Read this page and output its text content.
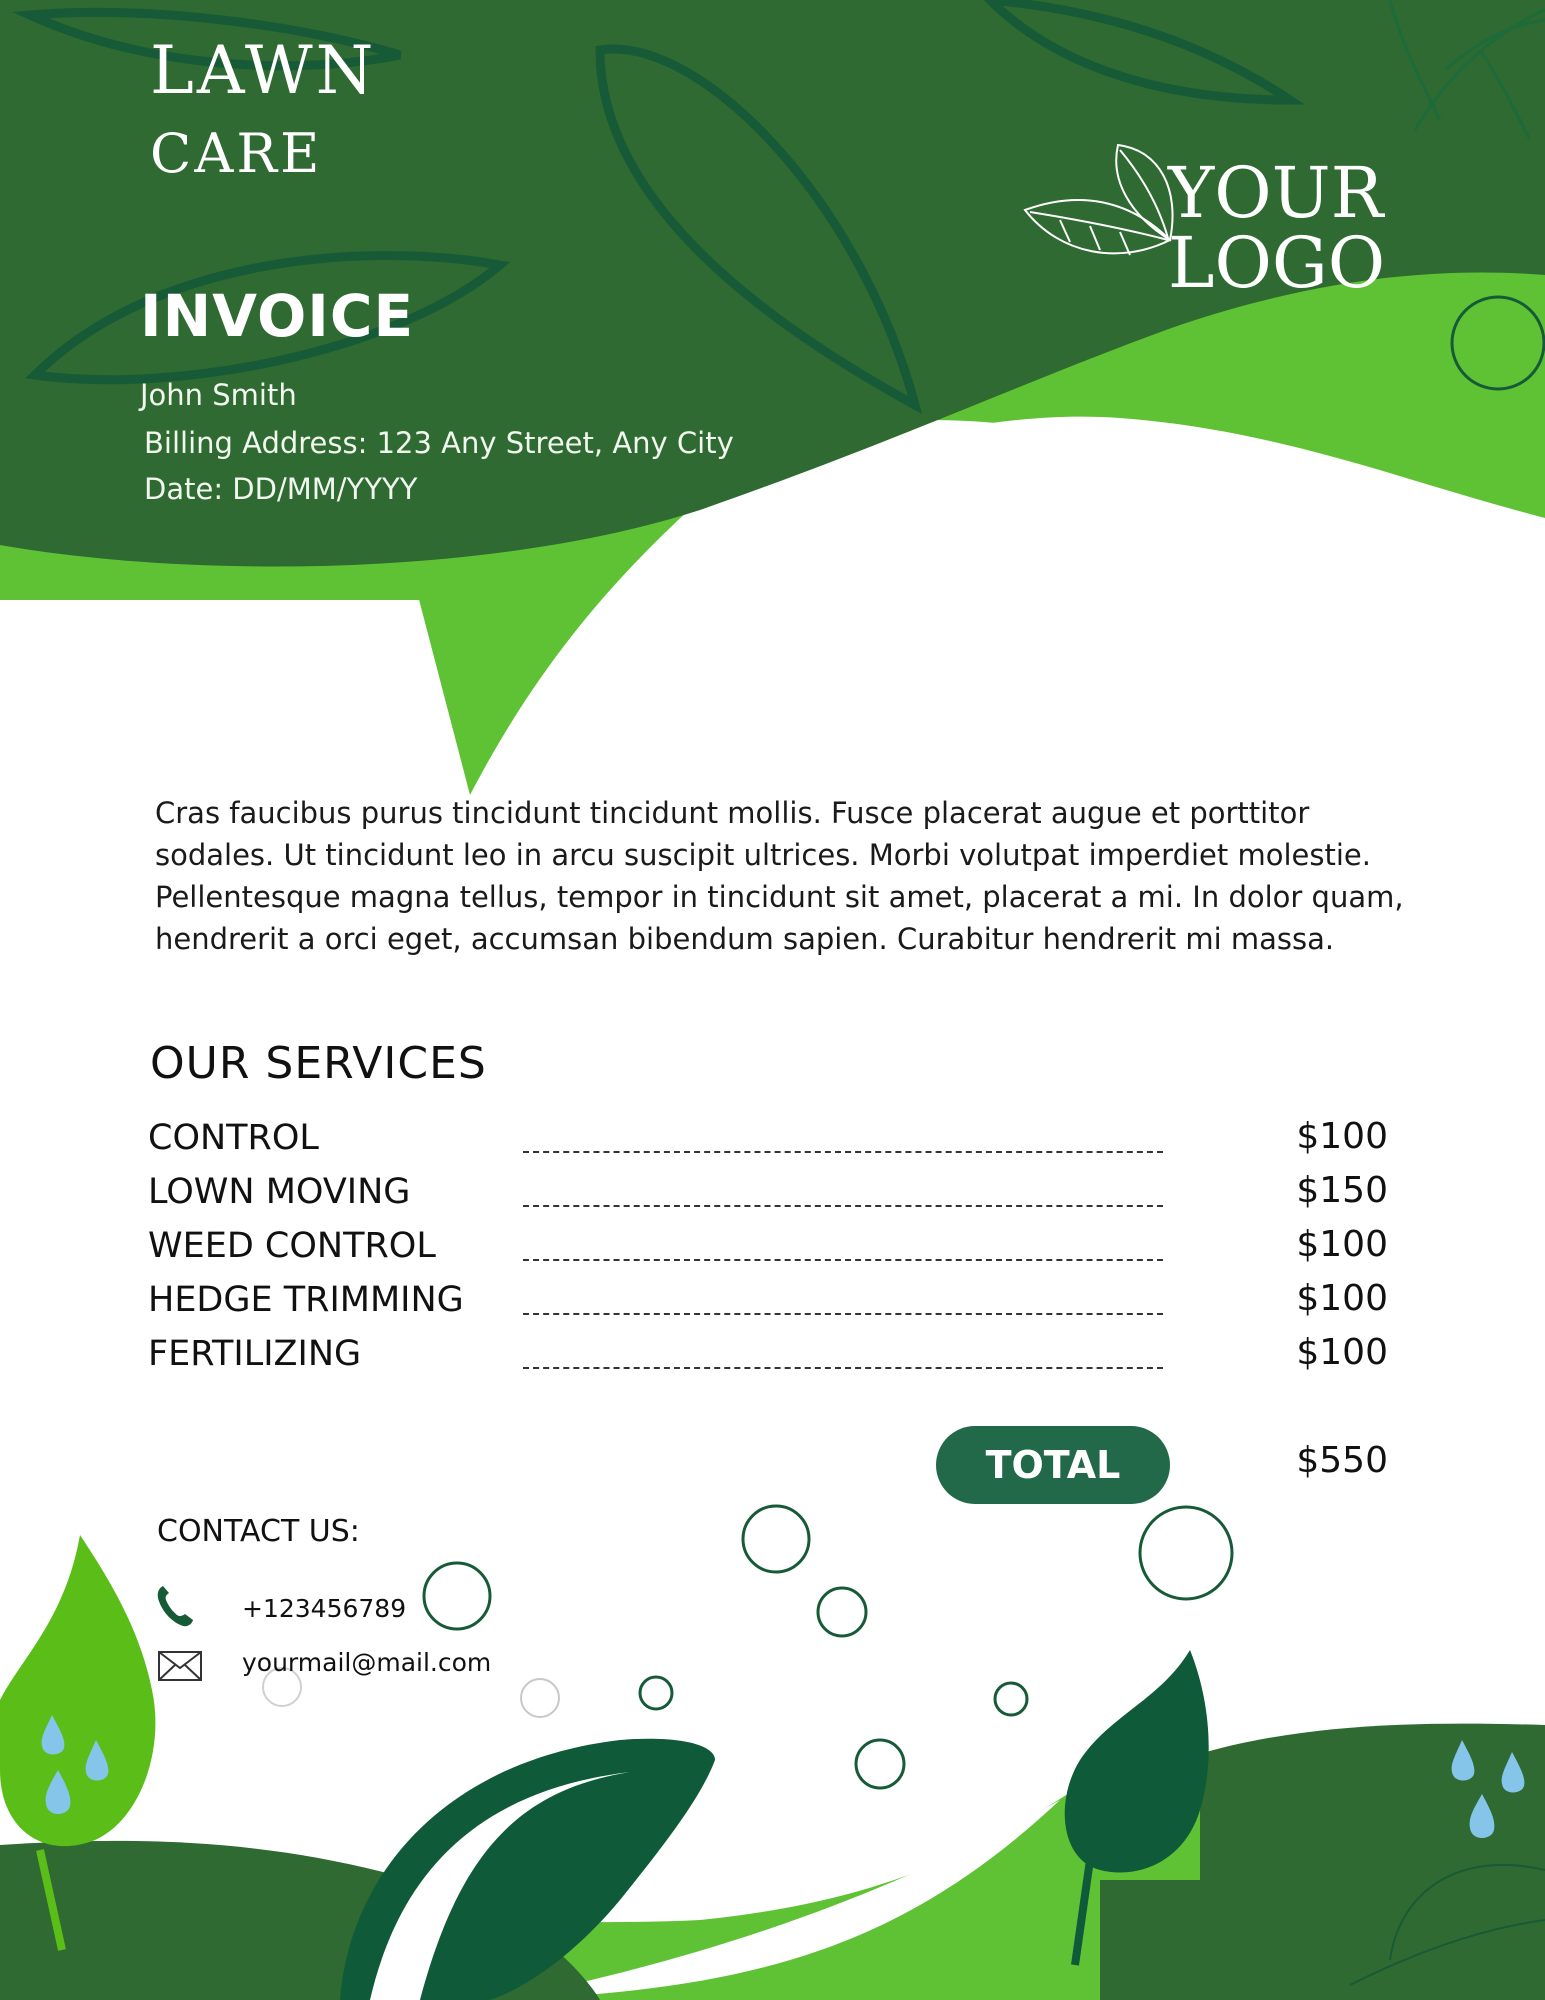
LAWN

CARE	YOUR

LOGO

INVOICE

John Smith

Billing Address: 123 Any Street, Any City

Date: DD/MM/YYYY

Cras faucibus purus tincidunt tincidunt mollis. Fusce placerat augue et porttitor sodales. Ut tincidunt leo in arcu suscipit ultrices. Morbi volutpat imperdiet molestie. Pellentesque magna tellus, tempor in tincidunt sit amet, placerat a mi. In dolor quam, hendrerit a orci eget, accumsan bibendum sapien. Curabitur hendrerit mi massa.

OUR SERVICES

CONTROL	$100
LOWN MOVING	$150
WEED CONTROL	$100
HEDGE TRIMMING	$100
FERTILIZING	$100
TOTAL	$550

CONTACT US:

+123456789
yourmail@mail.com
